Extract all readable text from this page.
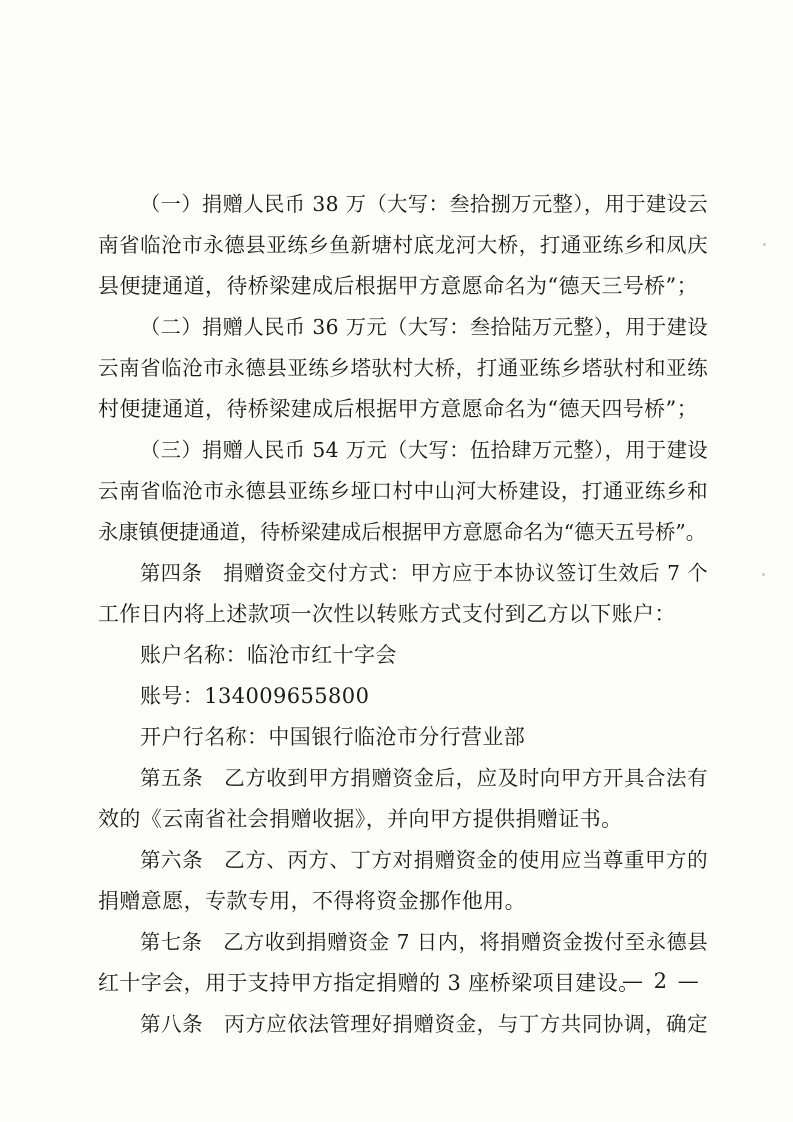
（一）捐赠人民币 38 万（大写：叁拾捌万元整），用于建设云
南省临沧市永德县亚练乡鱼新塘村底龙河大桥，打通亚练乡和凤庆
县便捷通道，待桥梁建成后根据甲方意愿命名为“德天三号桥”；
（二）捐赠人民币 36 万元（大写：叁拾陆万元整），用于建设
云南省临沧市永德县亚练乡塔驮村大桥，打通亚练乡塔驮村和亚练
村便捷通道，待桥梁建成后根据甲方意愿命名为“德天四号桥”；
（三）捐赠人民币 54 万元（大写：伍拾肆万元整），用于建设
云南省临沧市永德县亚练乡垭口村中山河大桥建设，打通亚练乡和
永康镇便捷通道，待桥梁建成后根据甲方意愿命名为“德天五号桥”。
第四条　捐赠资金交付方式：甲方应于本协议签订生效后 7 个
工作日内将上述款项一次性以转账方式支付到乙方以下账户：
账户名称：临沧市红十字会
账号：134009655800
开户行名称：中国银行临沧市分行营业部
第五条　乙方收到甲方捐赠资金后，应及时向甲方开具合法有
效的《云南省社会捐赠收据》，并向甲方提供捐赠证书。
第六条　乙方、丙方、丁方对捐赠资金的使用应当尊重甲方的
捐赠意愿，专款专用，不得将资金挪作他用。
第七条　乙方收到捐赠资金 7 日内，将捐赠资金拨付至永德县
红十字会，用于支持甲方指定捐赠的 3 座桥梁项目建设。
第八条　丙方应依法管理好捐赠资金，与丁方共同协调，确定
— 2 —
